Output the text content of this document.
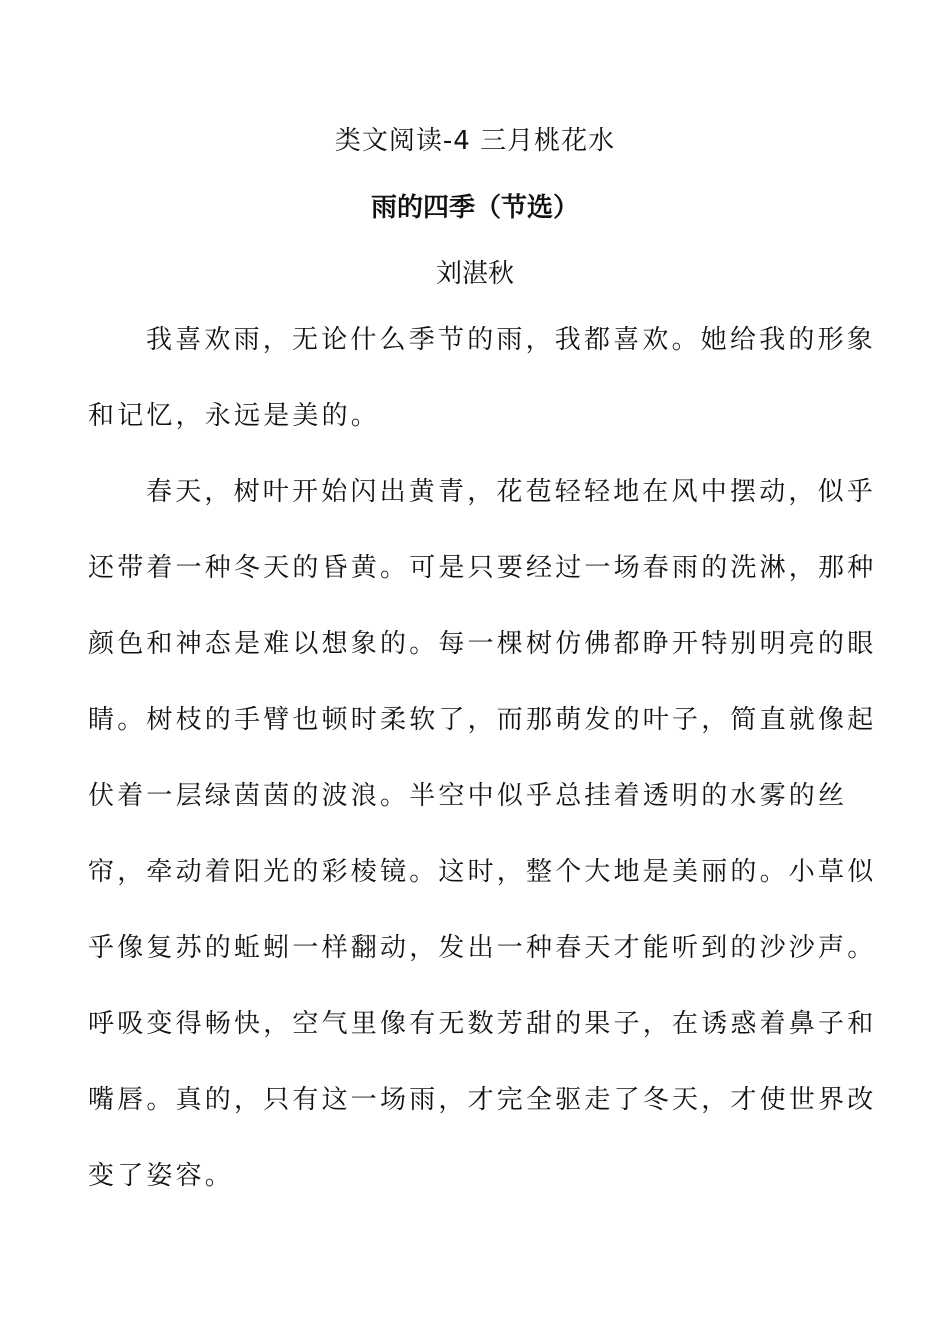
类文阅读-4 三月桃花水
雨的四季（节选）
刘湛秋

我喜欢雨，无论什么季节的雨，我都喜欢。她给我的形象和记忆，永远是美的。

春天，树叶开始闪出黄青，花苞轻轻地在风中摆动，似乎还带着一种冬天的昏黄。可是只要经过一场春雨的洗淋，那种颜色和神态是难以想象的。每一棵树仿佛都睁开特别明亮的眼睛。树枝的手臂也顿时柔软了，而那萌发的叶子，简直就像起伏着一层绿茵茵的波浪。半空中似乎总挂着透明的水雾的丝帘，牵动着阳光的彩棱镜。这时，整个大地是美丽的。小草似乎像复苏的蚯蚓一样翻动，发出一种春天才能听到的沙沙声。呼吸变得畅快，空气里像有无数芳甜的果子，在诱惑着鼻子和嘴唇。真的，只有这一场雨，才完全驱走了冬天，才使世界改变了姿容。
